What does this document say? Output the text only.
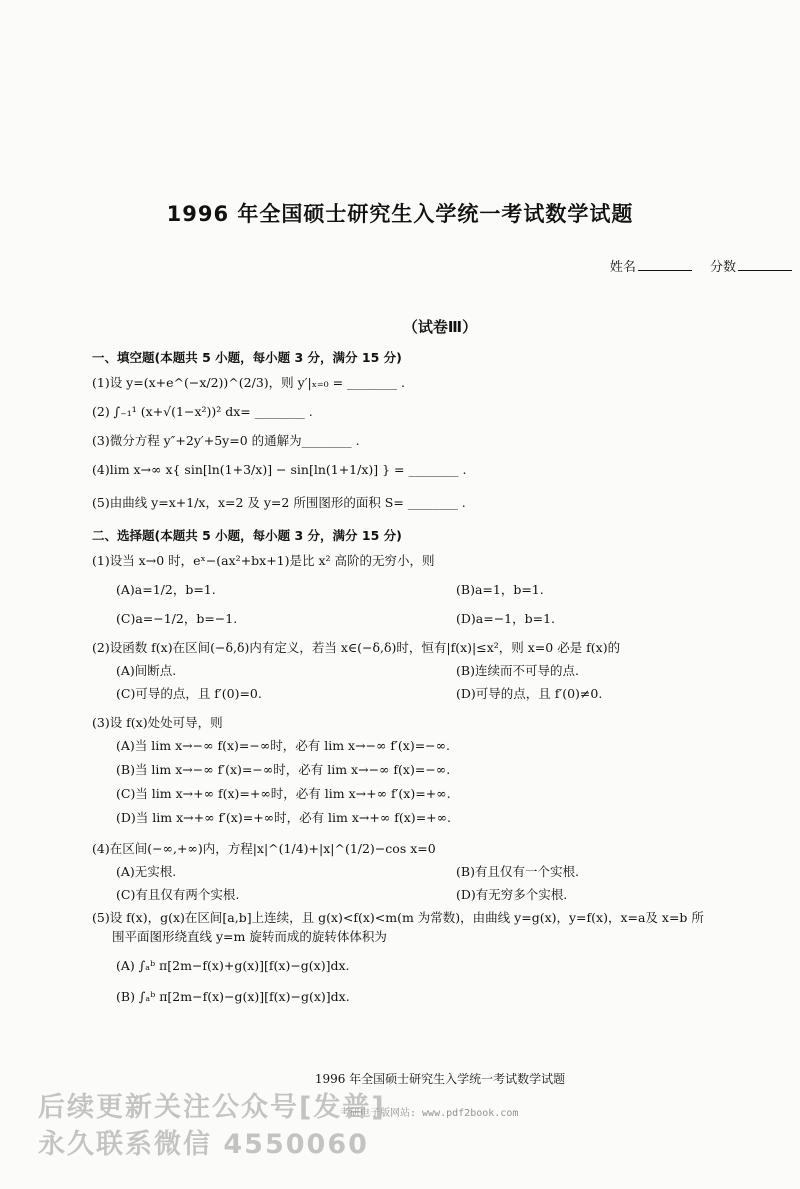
1996 年全国硕士研究生入学统一考试数学试题
姓名	分数
（试卷Ⅲ）
一、填空题(本题共 5 小题，每小题 3 分，满分 15 分)
(1)设 y=(x+e^(−x/2))^(2/3)，则 y′|ₓ₌₀ = ________ .
(2) ∫₋₁¹ (x+√(1−x²))² dx= ________ .
(3)微分方程 y″+2y′+5y=0 的通解为________ .
(4)lim x→∞ x{ sin[ln(1+3/x)] − sin[ln(1+1/x)] } = ________ .
(5)由曲线 y=x+1/x，x=2 及 y=2 所围图形的面积 S= ________ .
二、选择题(本题共 5 小题，每小题 3 分，满分 15 分)
(1)设当 x→0 时，eˣ−(ax²+bx+1)是比 x² 高阶的无穷小，则
(A)a=1/2，b=1.	(B)a=1，b=1.
(C)a=−1/2，b=−1.	(D)a=−1，b=1.
(2)设函数 f(x)在区间(−δ,δ)内有定义，若当 x∈(−δ,δ)时，恒有|f(x)|≤x²，则 x=0 必是 f(x)的
(A)间断点.	(B)连续而不可导的点.
(C)可导的点，且 f′(0)=0.	(D)可导的点，且 f′(0)≠0.
(3)设 f(x)处处可导，则
(A)当 lim x→−∞ f(x)=−∞时，必有 lim x→−∞ f′(x)=−∞.
(B)当 lim x→−∞ f′(x)=−∞时，必有 lim x→−∞ f(x)=−∞.
(C)当 lim x→+∞ f(x)=+∞时，必有 lim x→+∞ f′(x)=+∞.
(D)当 lim x→+∞ f′(x)=+∞时，必有 lim x→+∞ f(x)=+∞.
(4)在区间(−∞,+∞)内，方程|x|^(1/4)+|x|^(1/2)−cos x=0
(A)无实根.	(B)有且仅有一个实根.
(C)有且仅有两个实根.	(D)有无穷多个实根.
(5)设 f(x)，g(x)在区间[a,b]上连续，且 g(x)<f(x)<m(m 为常数)，由曲线 y=g(x)，y=f(x)，x=a及 x=b 所
围平面图形绕直线 y=m 旋转而成的旋转体体积为
(A) ∫ₐᵇ π[2m−f(x)+g(x)][f(x)−g(x)]dx.
(B) ∫ₐᵇ π[2m−f(x)−g(x)][f(x)−g(x)]dx.
1996 年全国硕士研究生入学统一考试数学试题
考研电子版网站: www.pdf2book.com
后续更新关注公众号[发普]
永久联系微信 4550060
